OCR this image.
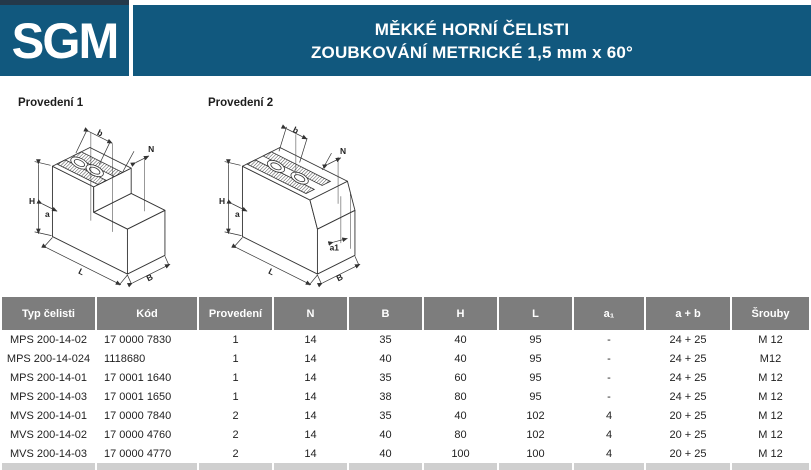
SGM	MĚKKÉ HORNÍ ČELISTI
ZOUBKOVÁNÍ METRICKÉ 1,5 mm x 60°
Provedení 1
H
a
b
N
L
B
Provedení 2
H
a
b
N
L
a1
B
Typ čelisti	Kód	Provedení	N	B	H	L	a₁	a + b	Šrouby
MPS 200-14-02	17 0000 7830	1	14	35	40	95	-	24 + 25	M 12
MPS 200-14-024	1118680	1	14	40	40	95	-	24 + 25	M12
MPS 200-14-01	17 0001 1640	1	14	35	60	95	-	24 + 25	M 12
MPS 200-14-03	17 0001 1650	1	14	38	80	95	-	24 + 25	M 12
MVS 200-14-01	17 0000 7840	2	14	35	40	102	4	20 + 25	M 12
MVS 200-14-02	17 0000 4760	2	14	40	80	102	4	20 + 25	M 12
MVS 200-14-03	17 0000 4770	2	14	40	100	100	4	20 + 25	M 12
